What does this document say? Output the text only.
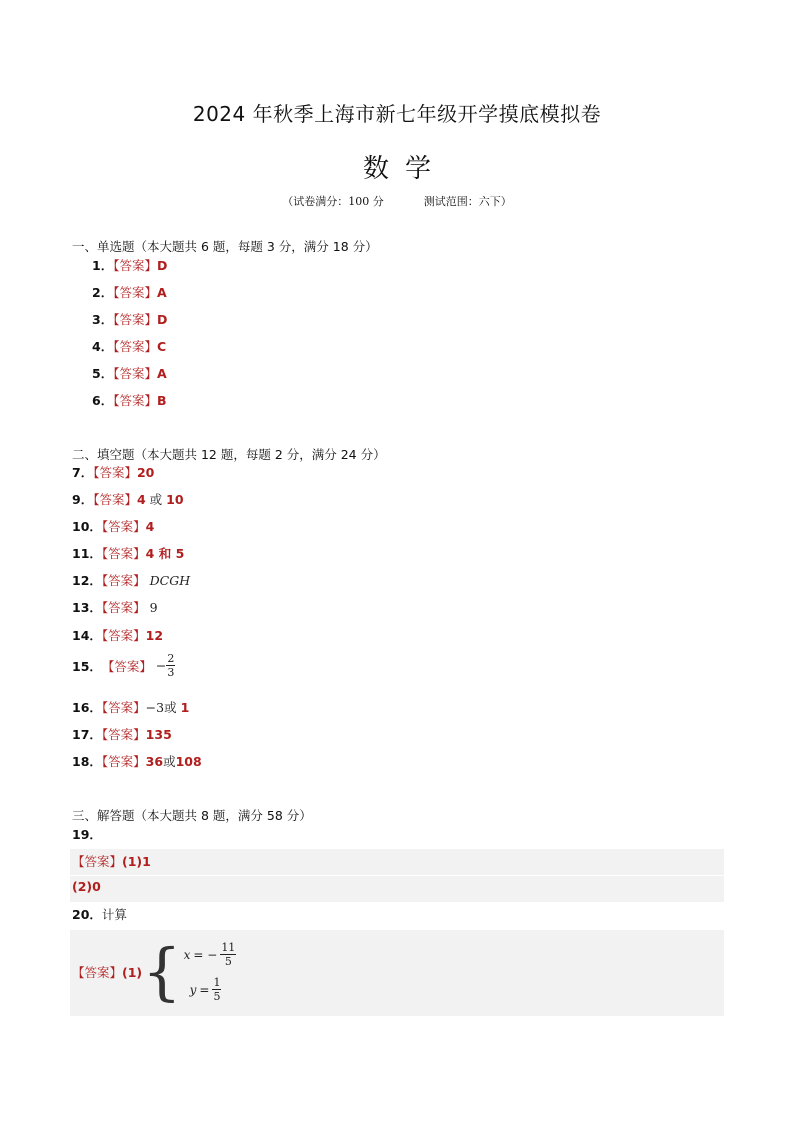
2024 年秋季上海市新七年级开学摸底模拟卷
数学
（试卷满分：100 分	测试范围：六下）
一、单选题（本大题共 6 题，每题 3 分，满分 18 分）
1．【答案】D
2．【答案】A
3．【答案】D
4．【答案】C
5．【答案】A
6．【答案】B
二、填空题（本大题共 12 题，每题 2 分，满分 24 分）
7．【答案】20
9．【答案】4 或 10
10．【答案】4
11．【答案】4 和 5
12．【答案】 DCGH
13．【答案】 9
14．【答案】12
15． 【答案】
− $\frac{2}{3}$
16．【答案】−3或 1
17．【答案】135
18．【答案】36或108
三、解答题（本大题共 8 题，满分 58 分）
19．
【答案】(1)1
(2)0
20．计算
【答案】 (1) { x = − $\frac{11}{5}$
$y = \frac{1}{5}$
